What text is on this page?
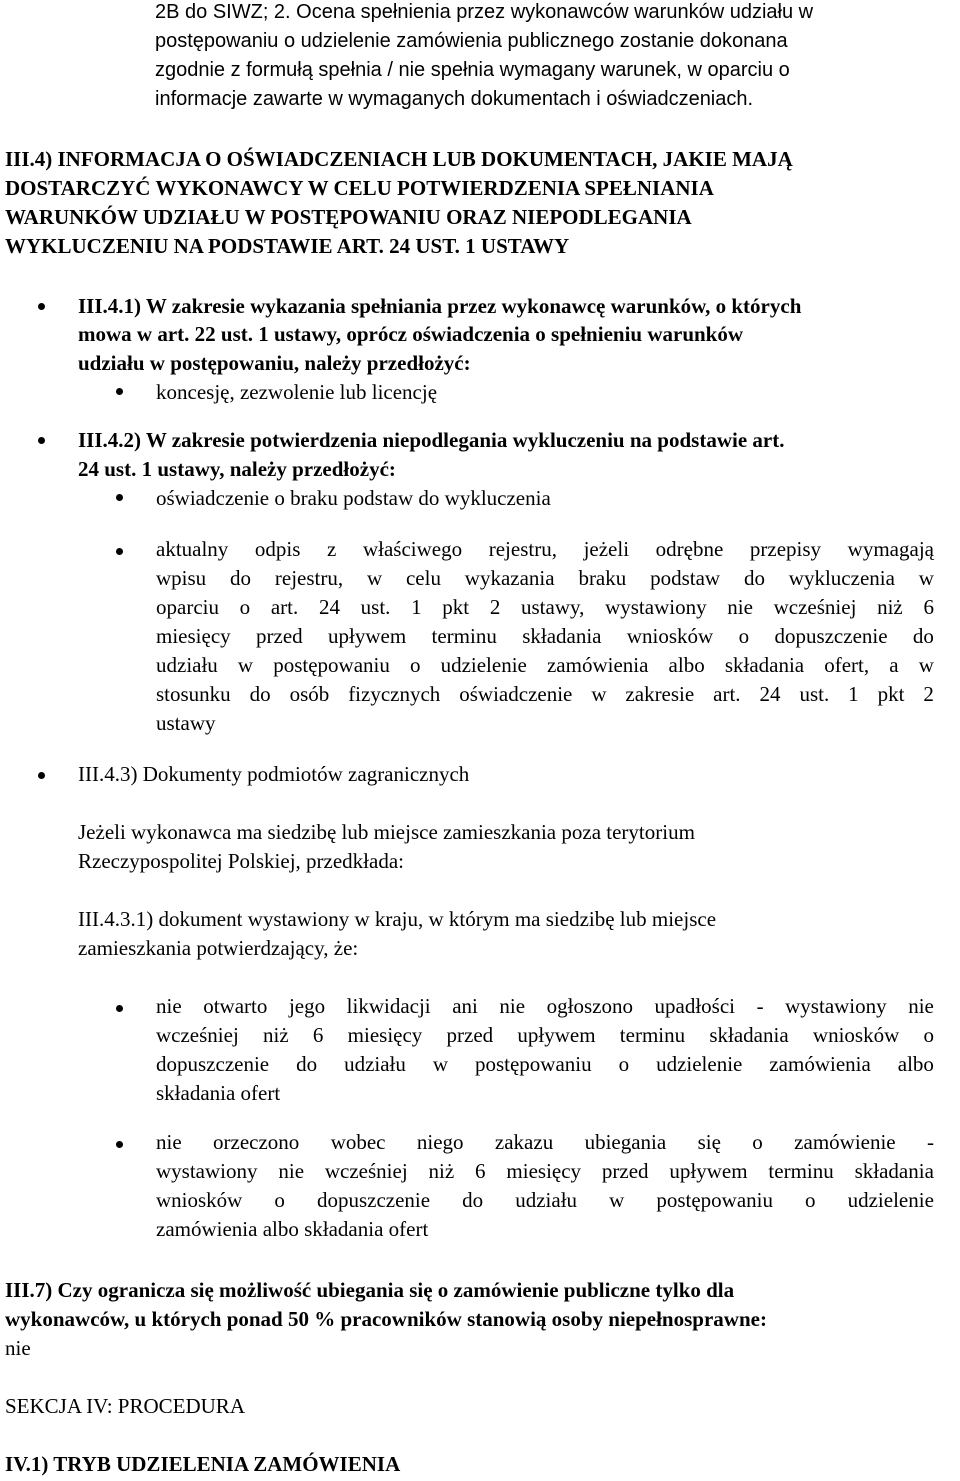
2B do SIWZ; 2. Ocena spełnienia przez wykonawców warunków udziału w
postępowaniu o udzielenie zamówienia publicznego zostanie dokonana
zgodnie z formułą spełnia / nie spełnia wymagany warunek, w oparciu o
informacje zawarte w wymaganych dokumentach i oświadczeniach.
III.4) INFORMACJA O OŚWIADCZENIACH LUB DOKUMENTACH, JAKIE MAJĄ
DOSTARCZYĆ WYKONAWCY W CELU POTWIERDZENIA SPEŁNIANIA
WARUNKÓW UDZIAŁU W POSTĘPOWANIU ORAZ NIEPODLEGANIA
WYKLUCZENIU NA PODSTAWIE ART. 24 UST. 1 USTAWY
III.4.1) W zakresie wykazania spełniania przez wykonawcę warunków, o których
mowa w art. 22 ust. 1 ustawy, oprócz oświadczenia o spełnieniu warunków
udziału w postępowaniu, należy przedłożyć:
koncesję, zezwolenie lub licencję
III.4.2) W zakresie potwierdzenia niepodlegania wykluczeniu na podstawie art.
24 ust. 1 ustawy, należy przedłożyć:
oświadczenie o braku podstaw do wykluczenia
aktualny odpis z właściwego rejestru, jeżeli odrębne przepisy wymagają
wpisu do rejestru, w celu wykazania braku podstaw do wykluczenia w
oparciu o art. 24 ust. 1 pkt 2 ustawy, wystawiony nie wcześniej niż 6
miesięcy przed upływem terminu składania wniosków o dopuszczenie do
udziału w postępowaniu o udzielenie zamówienia albo składania ofert, a w
stosunku do osób fizycznych oświadczenie w zakresie art. 24 ust. 1 pkt 2
ustawy
III.4.3) Dokumenty podmiotów zagranicznych
Jeżeli wykonawca ma siedzibę lub miejsce zamieszkania poza terytorium
Rzeczypospolitej Polskiej, przedkłada:
III.4.3.1) dokument wystawiony w kraju, w którym ma siedzibę lub miejsce
zamieszkania potwierdzający, że:
nie otwarto jego likwidacji ani nie ogłoszono upadłości - wystawiony nie
wcześniej niż 6 miesięcy przed upływem terminu składania wniosków o
dopuszczenie do udziału w postępowaniu o udzielenie zamówienia albo
składania ofert
nie orzeczono wobec niego zakazu ubiegania się o zamówienie -
wystawiony nie wcześniej niż 6 miesięcy przed upływem terminu składania
wniosków o dopuszczenie do udziału w postępowaniu o udzielenie
zamówienia albo składania ofert
III.7) Czy ogranicza się możliwość ubiegania się o zamówienie publiczne tylko dla
wykonawców, u których ponad 50 % pracowników stanowią osoby niepełnosprawne:
nie
SEKCJA IV: PROCEDURA
IV.1) TRYB UDZIELENIA ZAMÓWIENIA
